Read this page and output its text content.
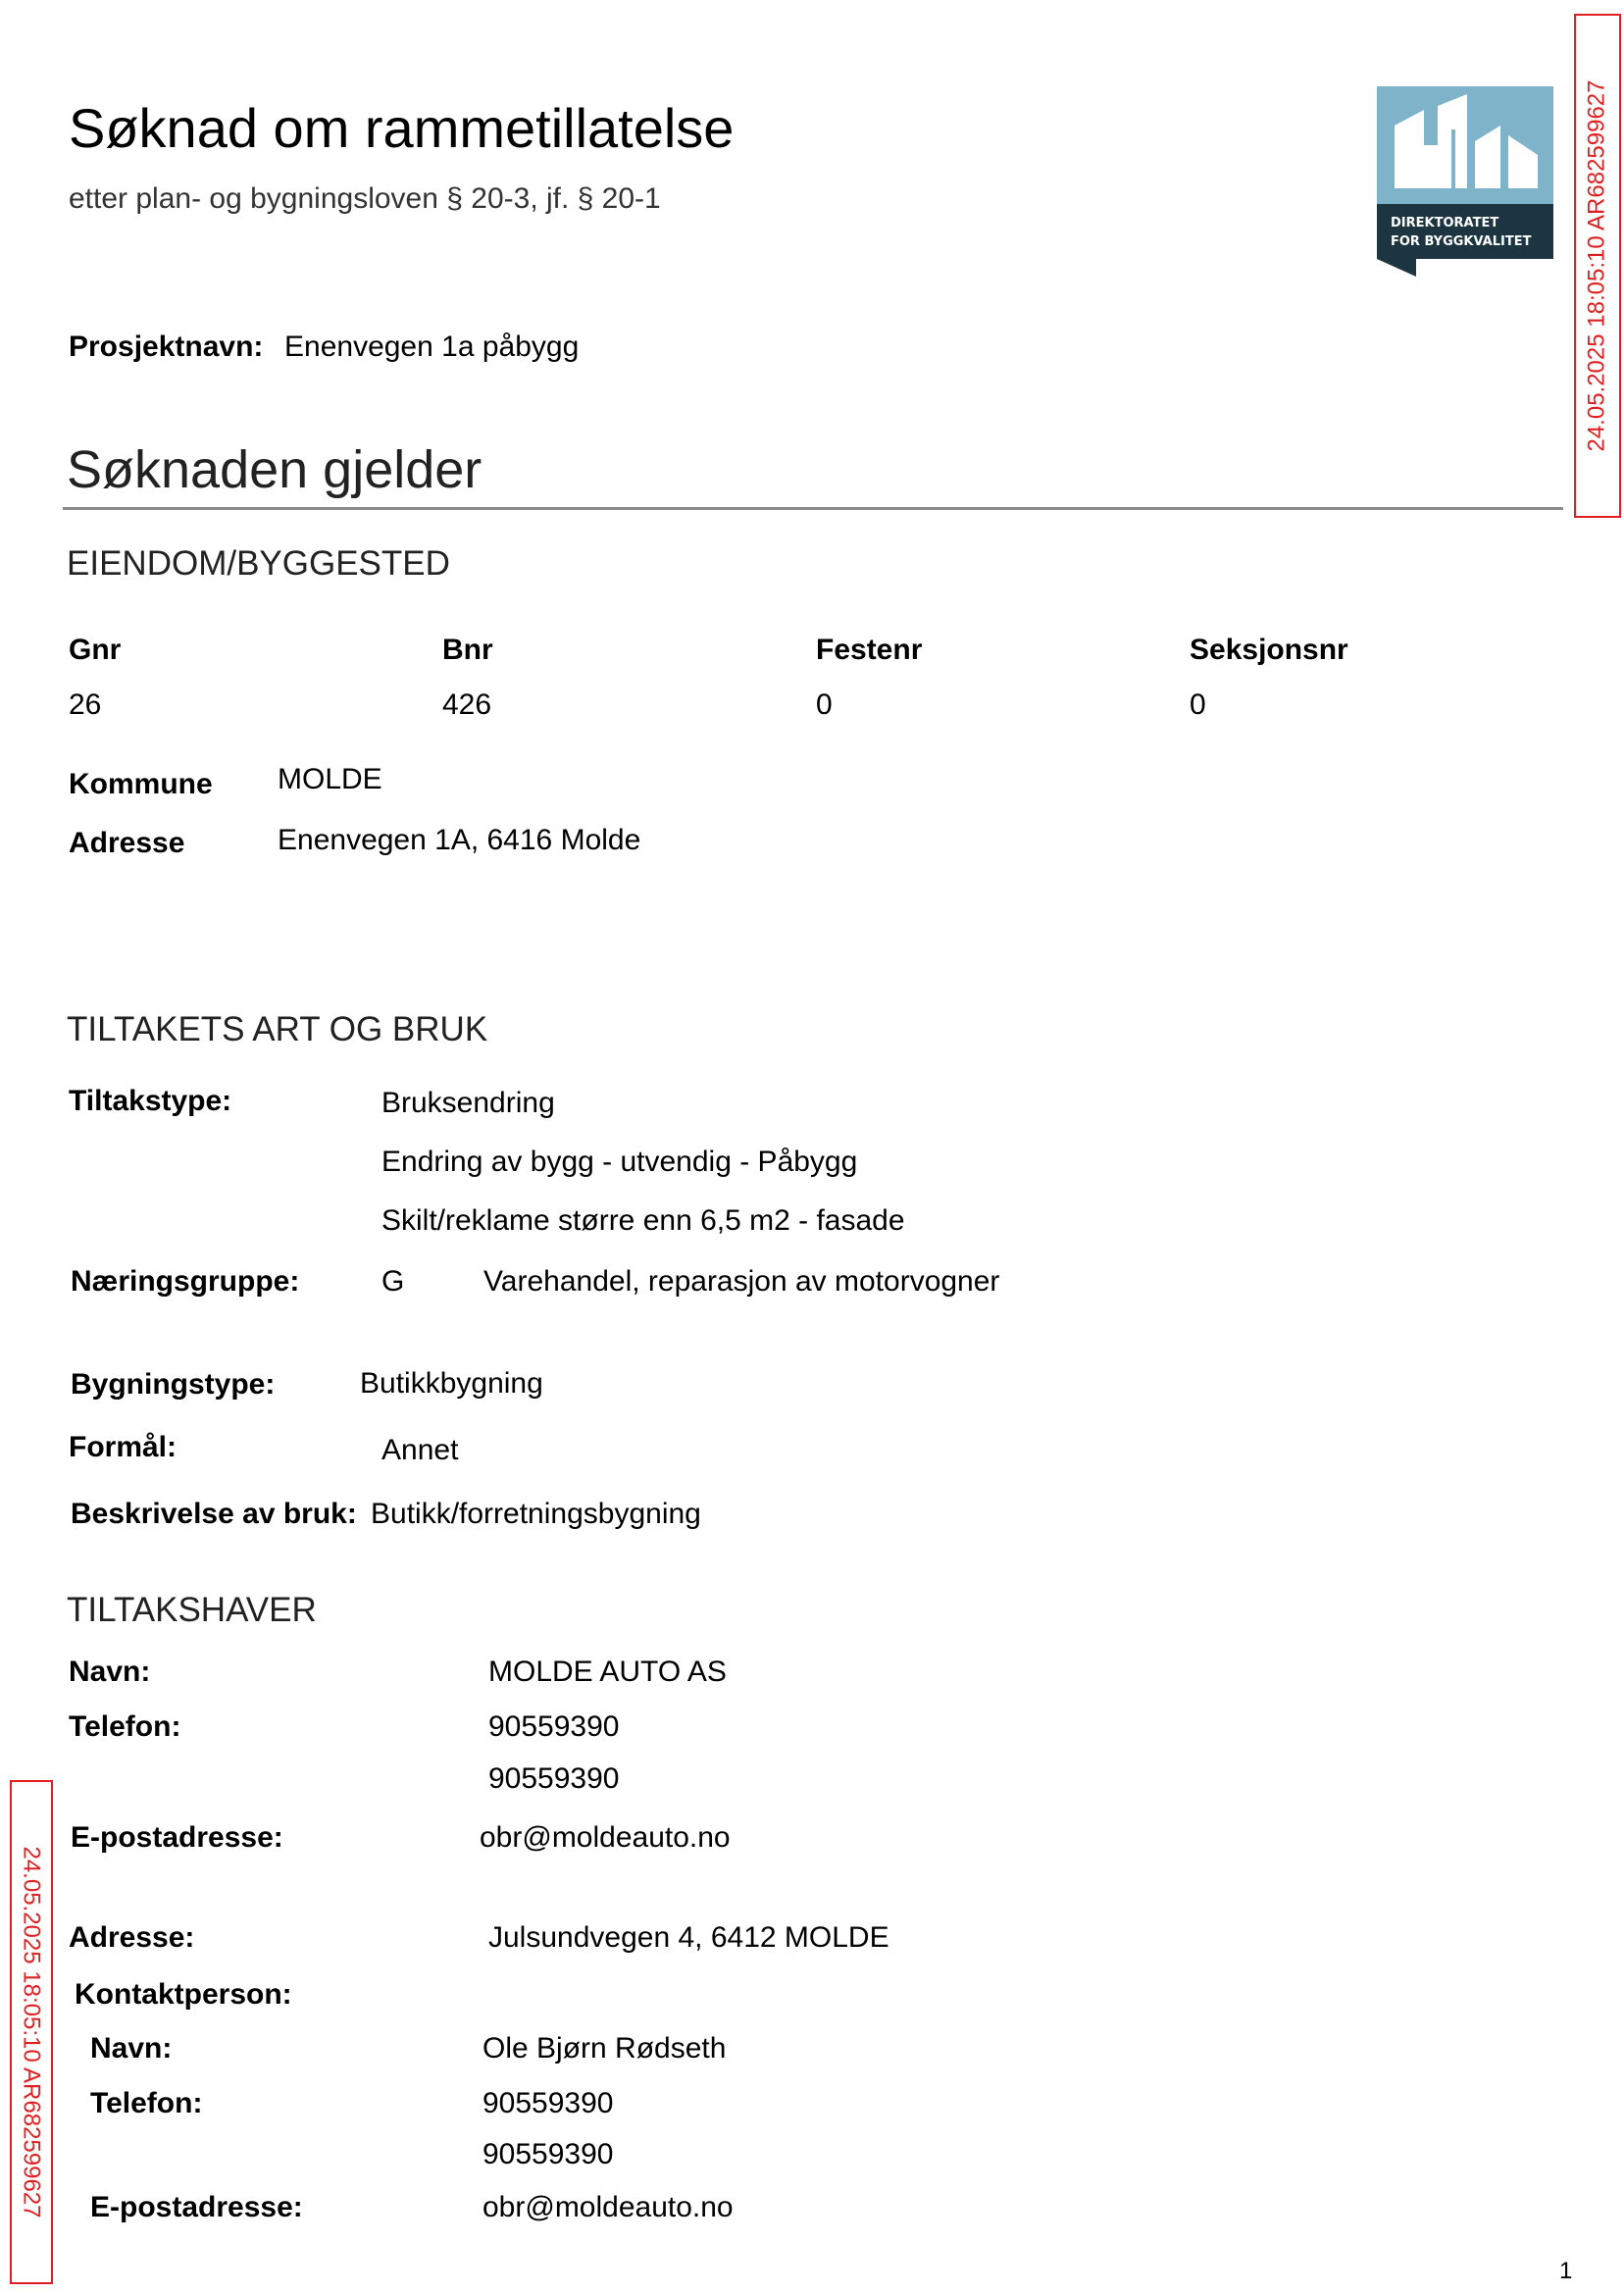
Søknad om rammetillatelse
etter plan- og bygningsloven § 20-3, jf. § 20-1
DIREKTORATET
FOR BYGGKVALITET 24.05.2025 18:05:10 AR682599627
24.05.2025 18:05:10 AR682599627
Prosjektnavn: Enenvegen 1a påbygg
Søknaden gjelder
EIENDOM/BYGGESTED
Gnr	Bnr	Festenr	Seksjonsnr
26	426	0	0
Kommune MOLDE
Adresse	Enenvegen 1A, 6416 Molde
TILTAKETS ART OG BRUK
Tiltakstype:	Bruksendring
Endring av bygg - utvendig - Påbygg
Skilt/reklame større enn 6,5 m2 - fasade
Næringsgruppe:	G	Varehandel, reparasjon av motorvogner
Bygningstype:	Butikkbygning
Formål:	Annet
Beskrivelse av bruk: Butikk/forretningsbygning
TILTAKSHAVER
Navn:	MOLDE AUTO AS
Telefon:	90559390
90559390
E-postadresse:	obr@moldeauto.no
Adresse:	Julsundvegen 4, 6412 MOLDE
Kontaktperson:
Navn:	Ole Bjørn Rødseth
Telefon:	90559390
90559390
E-postadresse:	obr@moldeauto.no
1
